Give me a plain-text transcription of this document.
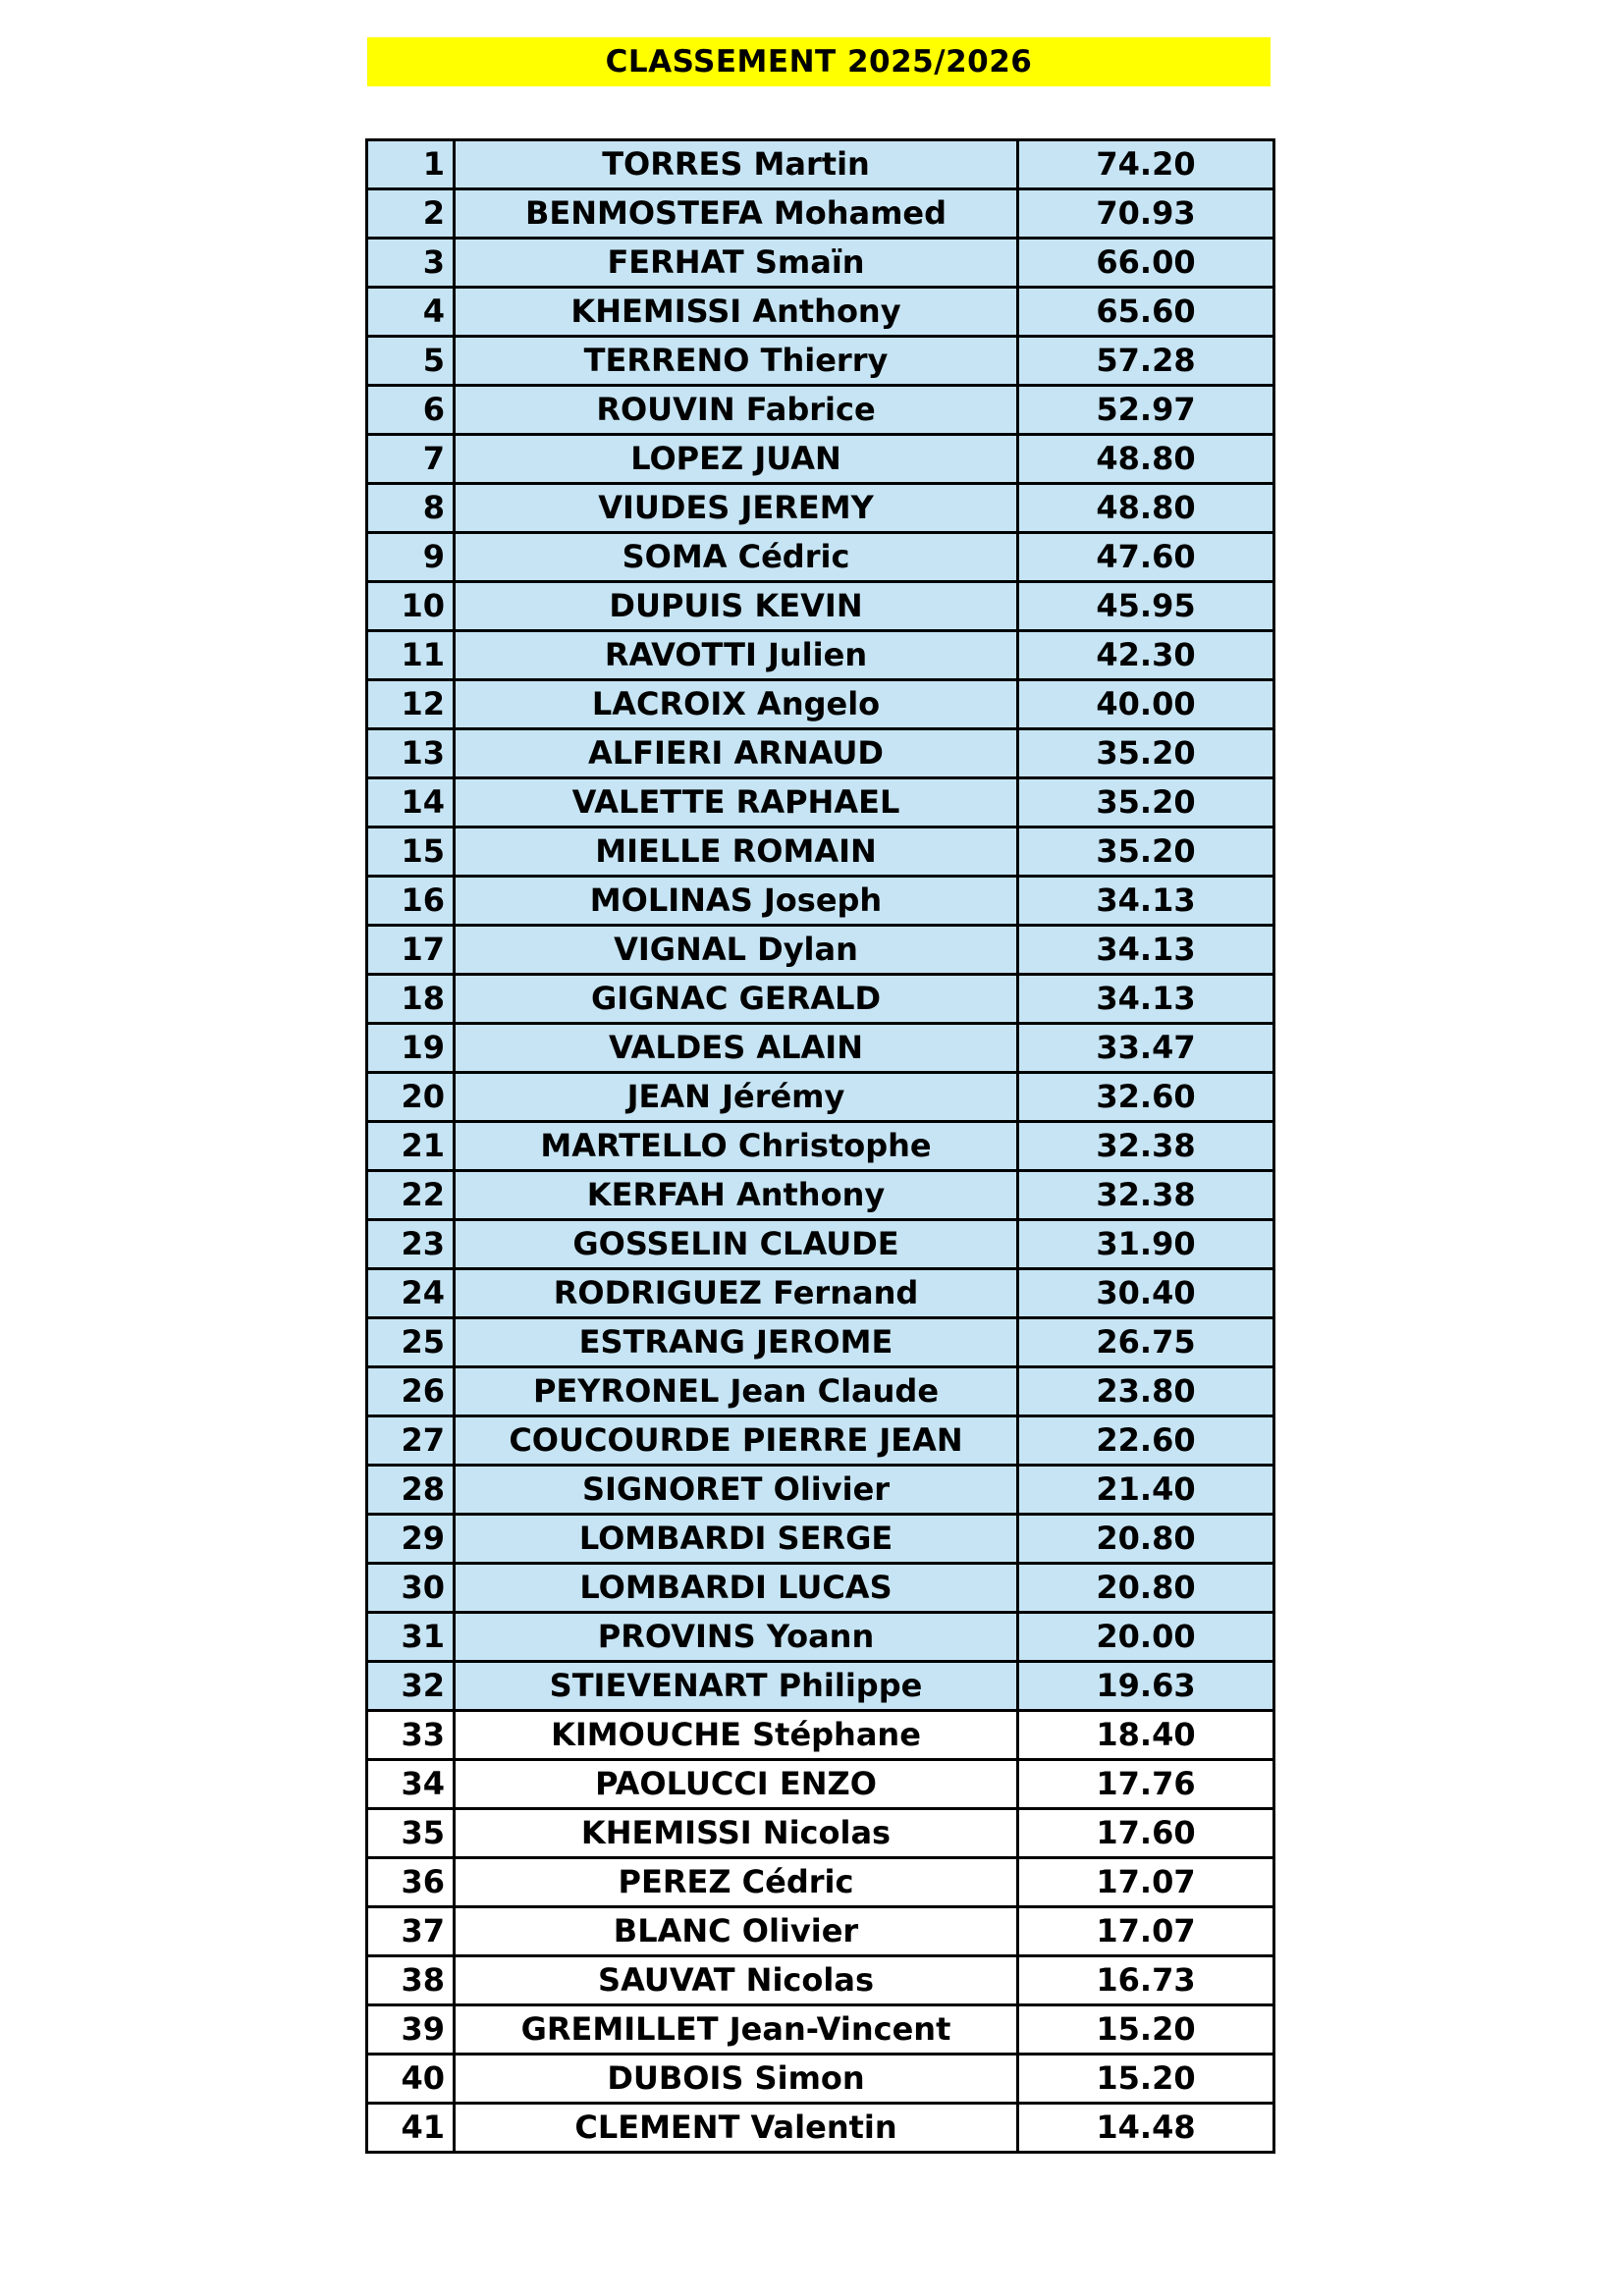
CLASSEMENT 2025/2026
1	TORRES Martin	74.20
2	BENMOSTEFA Mohamed	70.93
3	FERHAT Smaïn	66.00
4	KHEMISSI Anthony	65.60
5	TERRENO Thierry	57.28
6	ROUVIN Fabrice	52.97
7	LOPEZ JUAN	48.80
8	VIUDES JEREMY	48.80
9	SOMA Cédric	47.60
10	DUPUIS KEVIN	45.95
11	RAVOTTI Julien	42.30
12	LACROIX Angelo	40.00
13	ALFIERI ARNAUD	35.20
14	VALETTE RAPHAEL	35.20
15	MIELLE ROMAIN	35.20
16	MOLINAS Joseph	34.13
17	VIGNAL Dylan	34.13
18	GIGNAC GERALD	34.13
19	VALDES ALAIN	33.47
20	JEAN Jérémy	32.60
21	MARTELLO Christophe	32.38
22	KERFAH Anthony	32.38
23	GOSSELIN CLAUDE	31.90
24	RODRIGUEZ Fernand	30.40
25	ESTRANG JEROME	26.75
26	PEYRONEL Jean Claude	23.80
27	COUCOURDE PIERRE JEAN	22.60
28	SIGNORET Olivier	21.40
29	LOMBARDI SERGE	20.80
30	LOMBARDI LUCAS	20.80
31	PROVINS Yoann	20.00
32	STIEVENART Philippe	19.63
33	KIMOUCHE Stéphane	18.40
34	PAOLUCCI ENZO	17.76
35	KHEMISSI Nicolas	17.60
36	PEREZ Cédric	17.07
37	BLANC Olivier	17.07
38	SAUVAT Nicolas	16.73
39	GREMILLET Jean-Vincent	15.20
40	DUBOIS Simon	15.20
41	CLEMENT Valentin	14.48
